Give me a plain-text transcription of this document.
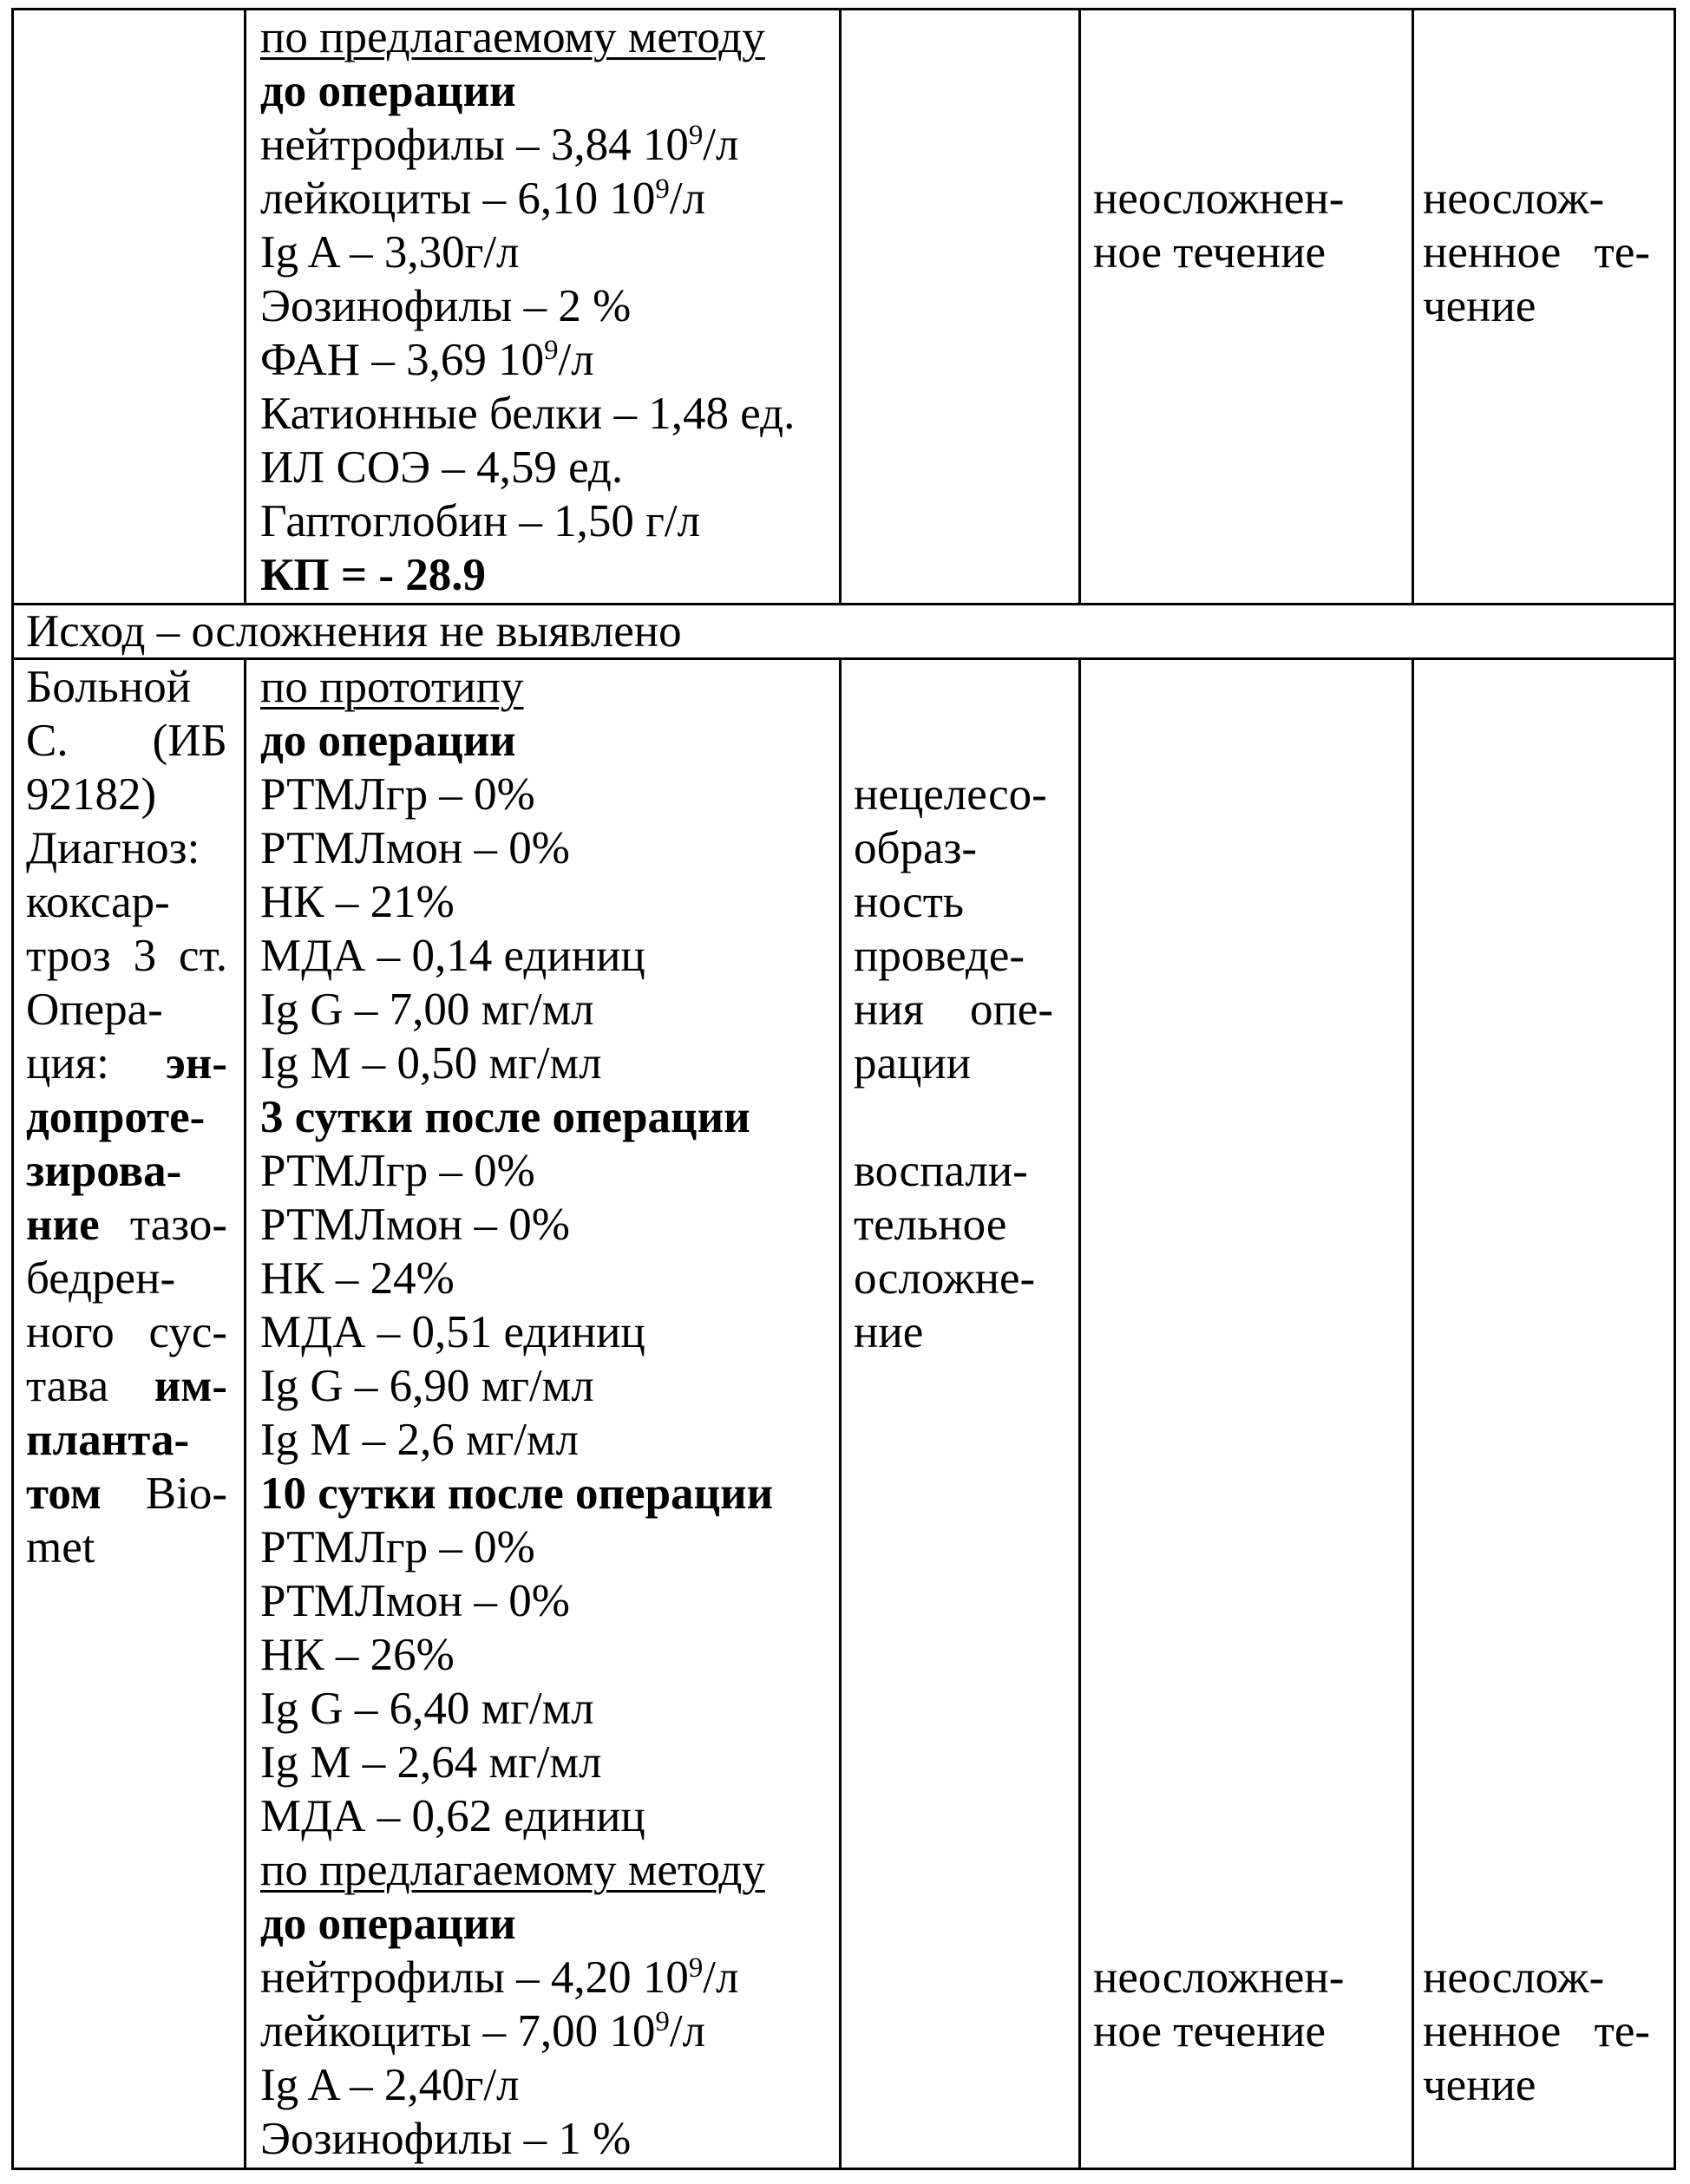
по предлагаемому методу
до операции
нейтрофилы – 3,84 109/л
лейкоциты – 6,10 109/л
Ig A – 3,30г/л
Эозинофилы – 2 %
ФАН – 3,69 109/л
Катионные белки – 1,48 ед.
ИЛ СОЭ – 4,59 ед.
Гаптоглобин – 1,50 г/л
КП = - 28.9
неосложнен-
ное течение
неослож-
ненное те-
чение
Исход – осложнения не выявлено
Больной
С. (ИБ
92182)
Диагноз:
коксар-
троз 3 ст.
Опера-
ция: эн-
допроте-
зирова-
ние тазо-
бедрен-
ного сус-
тава им-
планта-
том Bio-
met
по прототипу
до операции
РТМЛгр – 0%
РТМЛмон – 0%
НК – 21%
МДА – 0,14 единиц
Ig G – 7,00 мг/мл
Ig M – 0,50 мг/мл
3 сутки после операции
РТМЛгр – 0%
РТМЛмон – 0%
НК – 24%
МДА – 0,51 единиц
Ig G – 6,90 мг/мл
Ig M – 2,6 мг/мл
10 сутки после операции
РТМЛгр – 0%
РТМЛмон – 0%
НК – 26%
Ig G – 6,40 мг/мл
Ig M – 2,64 мг/мл
МДА – 0,62 единиц
по предлагаемому методу
до операции
нейтрофилы – 4,20 109/л
лейкоциты – 7,00 109/л
Ig A – 2,40г/л
Эозинофилы – 1 %
нецелесо-
образ-
ность
проведе-
ния опе-
рации
воспали-
тельное
осложне-
ние
неосложнен-
ное течение
неослож-
ненное те-
чение
